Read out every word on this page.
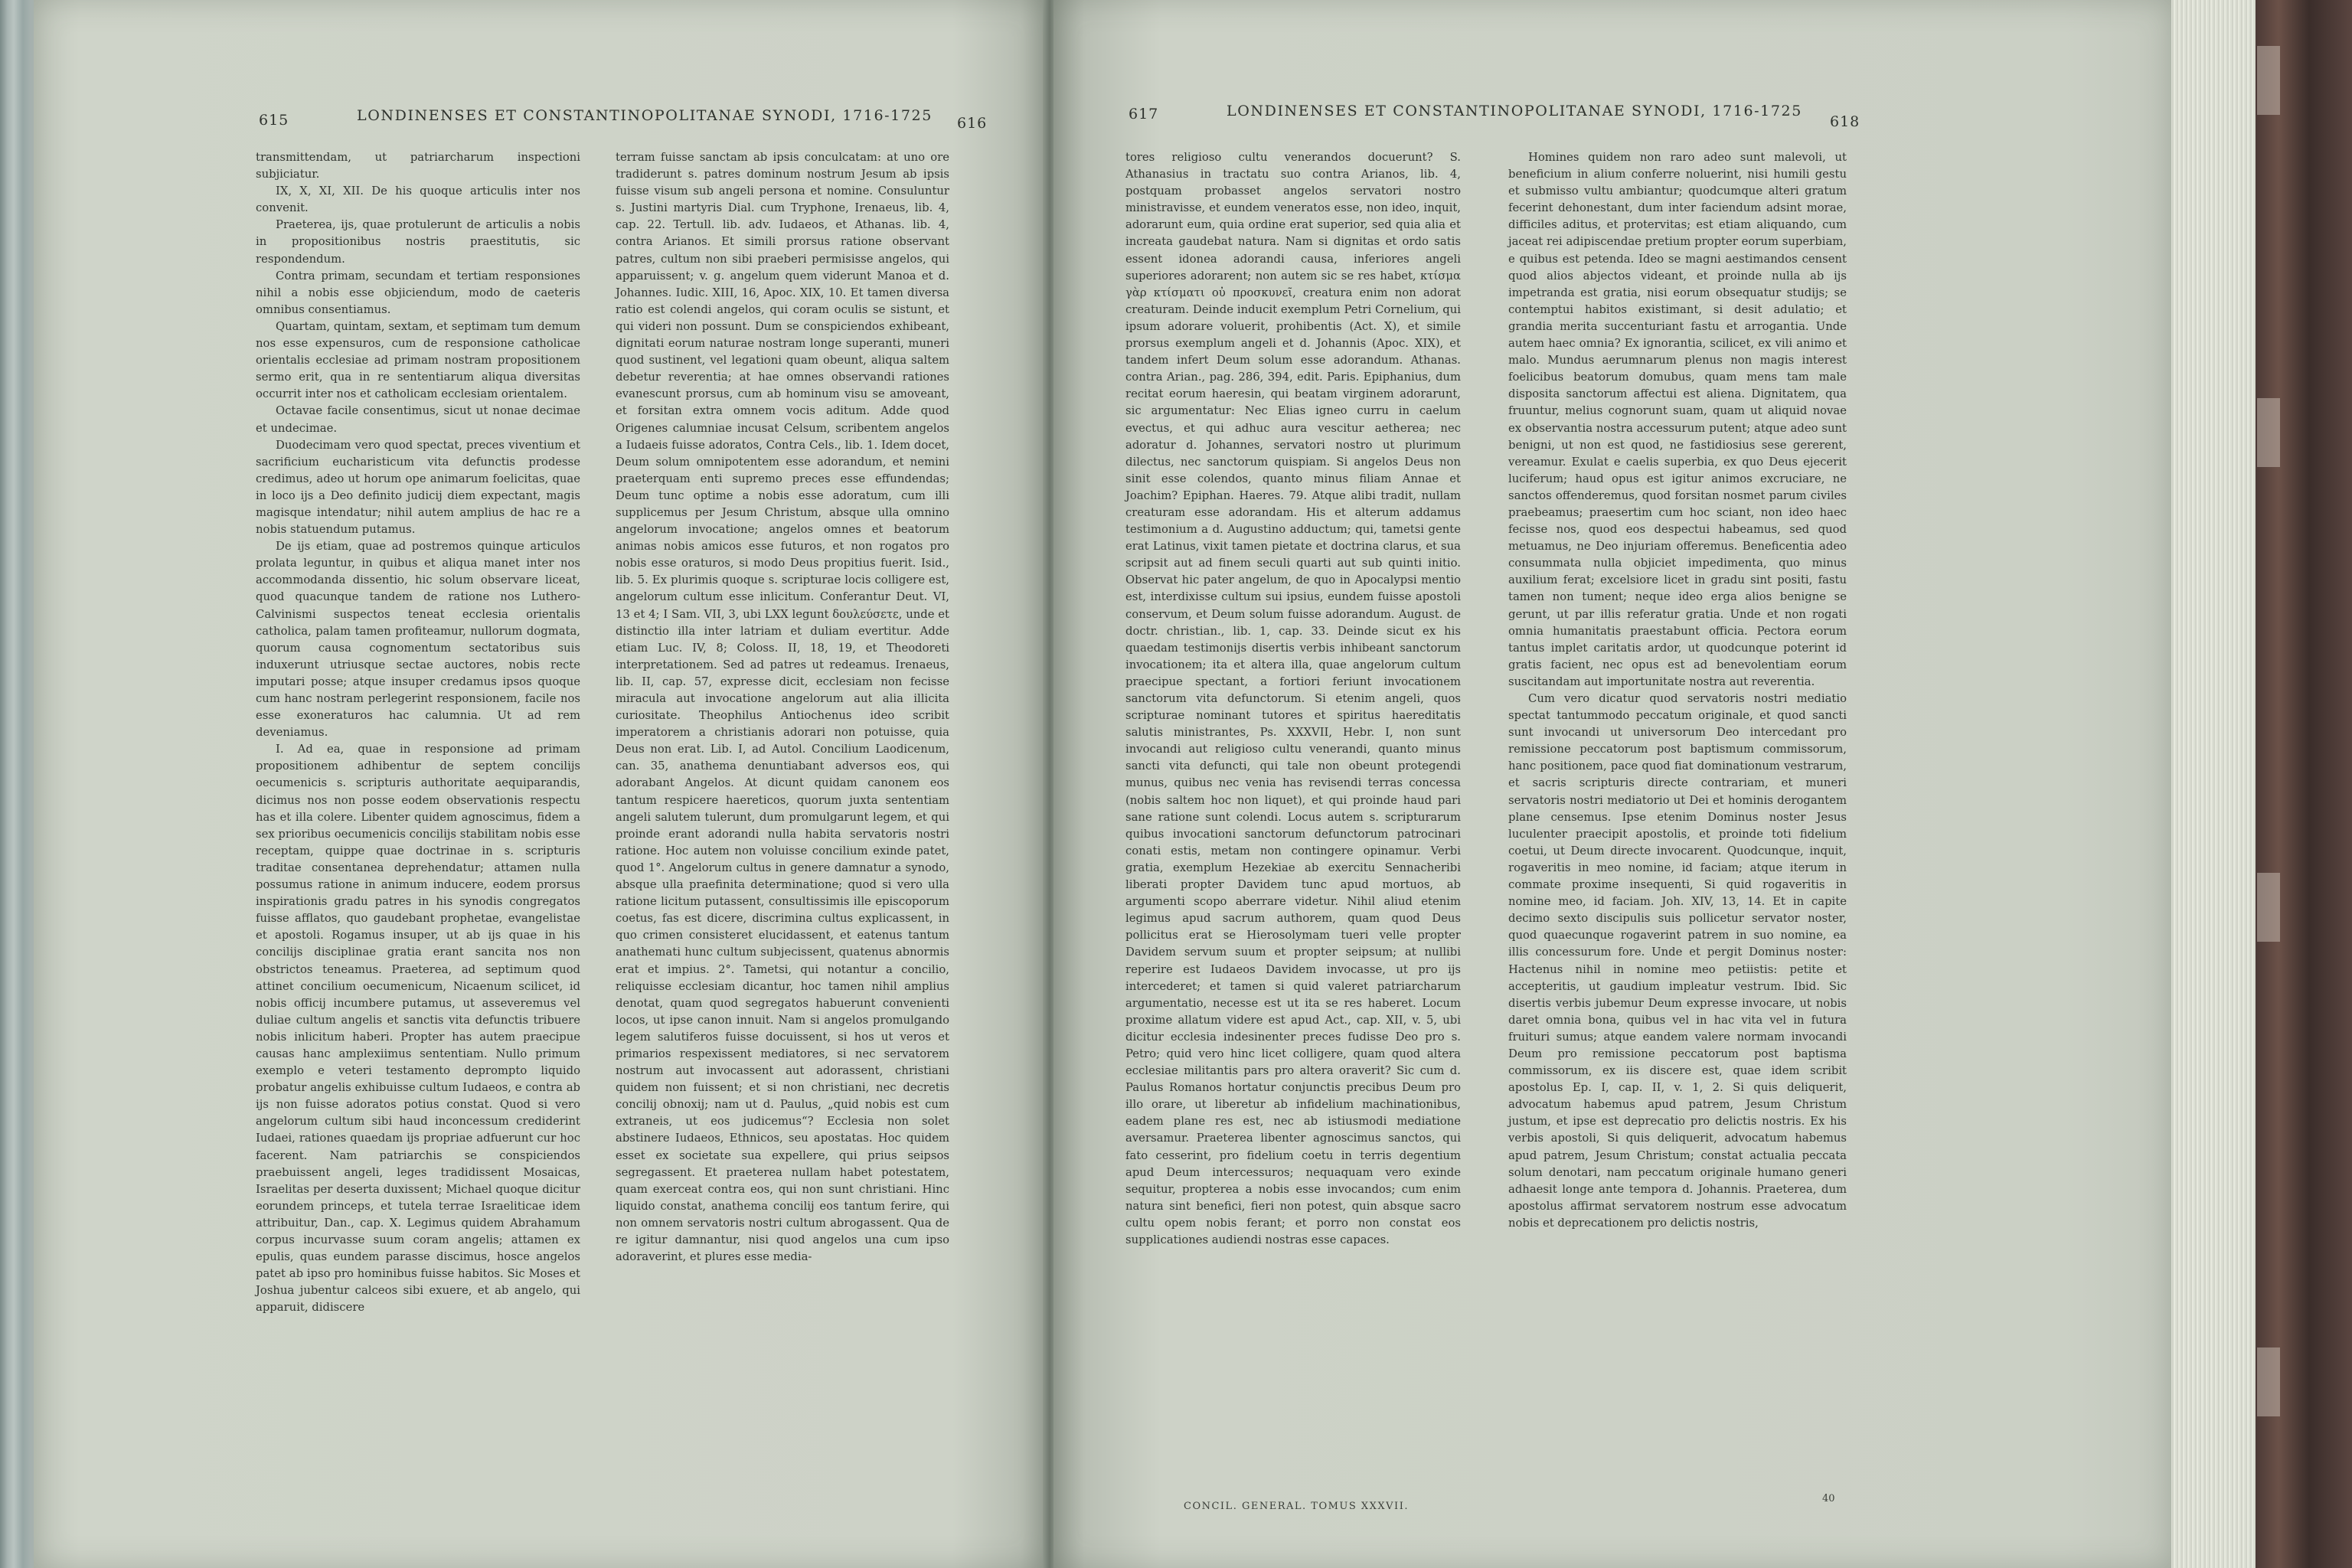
615	LONDINENSES ET CONSTANTINOPOLITANAE SYNODI, 1716-1725 616

transmittendam, ut patriarcharum inspectioni subjiciatur.

IX, X, XI, XII. De his quoque articulis inter nos convenit.

Praeterea, ijs, quae protulerunt de articulis a nobis in propositionibus nostris praestitutis, sic respondendum.

Contra primam, secundam et tertiam responsiones nihil a nobis esse objiciendum, modo de caeteris omnibus consentiamus.

Quartam, quintam, sextam, et septimam tum demum nos esse expensuros, cum de responsione catholicae orientalis ecclesiae ad primam nostram propositionem sermo erit, qua in re sententiarum aliqua diversitas occurrit inter nos et catholicam ecclesiam orientalem.

Octavae facile consentimus, sicut ut nonae decimae et undecimae.

Duodecimam vero quod spectat, preces viventium et sacrificium eucharisticum vita defunctis prodesse credimus, adeo ut horum ope animarum foelicitas, quae in loco ijs a Deo definito judicij diem expectant, magis magisque intendatur; nihil autem amplius de hac re a nobis statuendum putamus.

De ijs etiam, quae ad postremos quinque articulos prolata leguntur, in quibus et aliqua manet inter nos accommodanda dissentio, hic solum observare liceat, quod quacunque tandem de ratione nos Luthero-Calvinismi suspectos teneat ecclesia orientalis catholica, palam tamen profiteamur, nullorum dogmata, quorum causa cognomentum sectatoribus suis induxerunt utriusque sectae auctores, nobis recte imputari posse; atque insuper credamus ipsos quoque cum hanc nostram perlegerint responsionem, facile nos esse exoneraturos hac calumnia. Ut ad rem deveniamus.

I. Ad ea, quae in responsione ad primam propositionem adhibentur de septem concilijs oecumenicis s. scripturis authoritate aequiparandis, dicimus nos non posse eodem observationis respectu has et illa colere. Libenter quidem agnoscimus, fidem a sex prioribus oecumenicis concilijs stabilitam nobis esse receptam, quippe quae doctrinae in s. scripturis traditae consentanea deprehendatur; attamen nulla possumus ratione in animum inducere, eodem prorsus inspirationis gradu patres in his synodis congregatos fuisse afflatos, quo gaudebant prophetae, evangelistae et apostoli. Rogamus insuper, ut ab ijs quae in his concilijs disciplinae gratia erant sancita nos non obstrictos teneamus. Praeterea, ad septimum quod attinet concilium oecumenicum, Nicaenum scilicet, id nobis officij incumbere putamus, ut asseveremus vel duliae cultum angelis et sanctis vita defunctis tribuere nobis inlicitum haberi. Propter has autem praecipue causas hanc amplexiimus sententiam. Nullo primum exemplo e veteri testamento deprompto liquido probatur angelis exhibuisse cultum Iudaeos, e contra ab ijs non fuisse adoratos potius constat. Quod si vero angelorum cultum sibi haud inconcessum crediderint Iudaei, rationes quaedam ijs propriae adfuerunt cur hoc facerent. Nam patriarchis se conspiciendos praebuissent angeli, leges tradidissent Mosaicas, Israelitas per deserta duxissent; Michael quoque dicitur eorundem princeps, et tutela terrae Israeliticae idem attribuitur, Dan., cap. X. Legimus quidem Abrahamum corpus incurvasse suum coram angelis; attamen ex epulis, quas eundem parasse discimus, hosce angelos patet ab ipso pro hominibus fuisse habitos. Sic Moses et Joshua jubentur calceos sibi exuere, et ab angelo, qui apparuit, didiscere

terram fuisse sanctam ab ipsis conculcatam: at uno ore tradiderunt s. patres dominum nostrum Jesum ab ipsis fuisse visum sub angeli persona et nomine. Consuluntur s. Justini martyris Dial. cum Tryphone, Irenaeus, lib. 4, cap. 22. Tertull. lib. adv. Iudaeos, et Athanas. lib. 4, contra Arianos. Et simili prorsus ratione observant patres, cultum non sibi praeberi permisisse angelos, qui apparuissent; v. g. angelum quem viderunt Manoa et d. Johannes. Iudic. XIII, 16, Apoc. XIX, 10. Et tamen diversa ratio est colendi angelos, qui coram oculis se sistunt, et qui videri non possunt. Dum se conspiciendos exhibeant, dignitati eorum naturae nostram longe superanti, muneri quod sustinent, vel legationi quam obeunt, aliqua saltem debetur reverentia; at hae omnes observandi rationes evanescunt prorsus, cum ab hominum visu se amoveant, et forsitan extra omnem vocis aditum. Adde quod Origenes calumniae incusat Celsum, scribentem angelos a Iudaeis fuisse adoratos, Contra Cels., lib. 1. Idem docet, Deum solum omnipotentem esse adorandum, et nemini praeterquam enti supremo preces esse effundendas; Deum tunc optime a nobis esse adoratum, cum illi supplicemus per Jesum Christum, absque ulla omnino angelorum invocatione; angelos omnes et beatorum animas nobis amicos esse futuros, et non rogatos pro nobis esse oraturos, si modo Deus propitius fuerit. Isid., lib. 5. Ex plurimis quoque s. scripturae locis colligere est, angelorum cultum esse inlicitum. Conferantur Deut. VI, 13 et 4; I Sam. VII, 3, ubi LXX legunt δουλεύσετε, unde et distinctio illa inter latriam et duliam evertitur. Adde etiam Luc. IV, 8; Coloss. II, 18, 19, et Theodoreti interpretationem. Sed ad patres ut redeamus. Irenaeus, lib. II, cap. 57, expresse dicit, ecclesiam non fecisse miracula aut invocatione angelorum aut alia illicita curiositate. Theophilus Antiochenus ideo scribit imperatorem a christianis adorari non potuisse, quia Deus non erat. Lib. I, ad Autol. Concilium Laodicenum, can. 35, anathema denuntiabant adversos eos, qui adorabant Angelos. At dicunt quidam canonem eos tantum respicere haereticos, quorum juxta sententiam angeli salutem tulerunt, dum promulgarunt legem, et qui proinde erant adorandi nulla habita servatoris nostri ratione. Hoc autem non voluisse concilium exinde patet, quod 1°. Angelorum cultus in genere damnatur a synodo, absque ulla praefinita determinatione; quod si vero ulla ratione licitum putassent, consultissimis ille episcoporum coetus, fas est dicere, discrimina cultus explicassent, in quo crimen consisteret elucidassent, et eatenus tantum anathemati hunc cultum subjecissent, quatenus abnormis erat et impius. 2°. Tametsi, qui notantur a concilio, reliquisse ecclesiam dicantur, hoc tamen nihil amplius denotat, quam quod segregatos habuerunt convenienti locos, ut ipse canon innuit. Nam si angelos promulgando legem salutiferos fuisse docuissent, si hos ut veros et primarios respexissent mediatores, si nec servatorem nostrum aut invocassent aut adorassent, christiani quidem non fuissent; et si non christiani, nec decretis concilij obnoxij; nam ut d. Paulus, „quid nobis est cum extraneis, ut eos judicemus“? Ecclesia non solet abstinere Iudaeos, Ethnicos, seu apostatas. Hoc quidem esset ex societate sua expellere, qui prius seipsos segregassent. Et praeterea nullam habet potestatem, quam exerceat contra eos, qui non sunt christiani. Hinc liquido constat, anathema concilij eos tantum ferire, qui non omnem servatoris nostri cultum abrogassent. Qua de re igitur damnantur, nisi quod angelos una cum ipso adoraverint, et plures esse media-

617	LONDINENSES ET CONSTANTINOPOLITANAE SYNODI, 1716-1725
618

tores religioso cultu venerandos docuerunt? S. Athanasius in tractatu suo contra Arianos, lib. 4, postquam probasset angelos servatori nostro ministravisse, et eundem veneratos esse, non ideo, inquit, adorarunt eum, quia ordine erat superior, sed quia alia et increata gaudebat natura. Nam si dignitas et ordo satis essent idonea adorandi causa, inferiores angeli superiores adorarent; non autem sic se res habet, κτίσμα γὰρ κτίσματι οὐ προσκυνεῖ, creatura enim non adorat creaturam. Deinde inducit exemplum Petri Cornelium, qui ipsum adorare voluerit, prohibentis (Act. X), et simile prorsus exemplum angeli et d. Johannis (Apoc. XIX), et tandem infert Deum solum esse adorandum. Athanas. contra Arian., pag. 286, 394, edit. Paris. Epiphanius, dum recitat eorum haeresin, qui beatam virginem adorarunt, sic argumentatur: Nec Elias igneo curru in caelum evectus, et qui adhuc aura vescitur aetherea; nec adoratur d. Johannes, servatori nostro ut plurimum dilectus, nec sanctorum quispiam. Si angelos Deus non sinit esse colendos, quanto minus filiam Annae et Joachim? Epiphan. Haeres. 79. Atque alibi tradit, nullam creaturam esse adorandam. His et alterum addamus testimonium a d. Augustino adductum; qui, tametsi gente erat Latinus, vixit tamen pietate et doctrina clarus, et sua scripsit aut ad finem seculi quarti aut sub quinti initio. Observat hic pater angelum, de quo in Apocalypsi mentio est, interdixisse cultum sui ipsius, eundem fuisse apostoli conservum, et Deum solum fuisse adorandum. August. de doctr. christian., lib. 1, cap. 33. Deinde sicut ex his quaedam testimonijs disertis verbis inhibeant sanctorum invocationem; ita et altera illa, quae angelorum cultum praecipue spectant, a fortiori feriunt invocationem sanctorum vita defunctorum. Si etenim angeli, quos scripturae nominant tutores et spiritus haereditatis salutis ministrantes, Ps. XXXVII, Hebr. I, non sunt invocandi aut religioso cultu venerandi, quanto minus sancti vita defuncti, qui tale non obeunt protegendi munus, quibus nec venia has revisendi terras concessa (nobis saltem hoc non liquet), et qui proinde haud pari sane ratione sunt colendi. Locus autem s. scripturarum quibus invocationi sanctorum defunctorum patrocinari conati estis, metam non contingere opinamur. Verbi gratia, exemplum Hezekiae ab exercitu Sennacheribi liberati propter Davidem tunc apud mortuos, ab argumenti scopo aberrare videtur. Nihil aliud etenim legimus apud sacrum authorem, quam quod Deus pollicitus erat se Hierosolymam tueri velle propter Davidem servum suum et propter seipsum; at nullibi reperire est Iudaeos Davidem invocasse, ut pro ijs intercederet; et tamen si quid valeret patriarcharum argumentatio, necesse est ut ita se res haberet. Locum proxime allatum videre est apud Act., cap. XII, v. 5, ubi dicitur ecclesia indesinenter preces fudisse Deo pro s. Petro; quid vero hinc licet colligere, quam quod altera ecclesiae militantis pars pro altera oraverit? Sic cum d. Paulus Romanos hortatur conjunctis precibus Deum pro illo orare, ut liberetur ab infidelium machinationibus, eadem plane res est, nec ab istiusmodi mediatione aversamur. Praeterea libenter agnoscimus sanctos, qui fato cesserint, pro fidelium coetu in terris degentium apud Deum intercessuros; nequaquam vero exinde sequitur, propterea a nobis esse invocandos; cum enim natura sint benefici, fieri non potest, quin absque sacro cultu opem nobis ferant; et porro non constat eos supplicationes audiendi nostras esse capaces.

Homines quidem non raro adeo sunt malevoli, ut beneficium in alium conferre noluerint, nisi humili gestu et submisso vultu ambiantur; quodcumque alteri gratum fecerint dehonestant, dum inter faciendum adsint morae, difficiles aditus, et protervitas; est etiam aliquando, cum jaceat rei adipiscendae pretium propter eorum superbiam, e quibus est petenda. Ideo se magni aestimandos censent quod alios abjectos videant, et proinde nulla ab ijs impetranda est gratia, nisi eorum obsequatur studijs; se contemptui habitos existimant, si desit adulatio; et grandia merita succenturiant fastu et arrogantia. Unde autem haec omnia? Ex ignorantia, scilicet, ex vili animo et malo. Mundus aerumnarum plenus non magis interest foelicibus beatorum domubus, quam mens tam male disposita sanctorum affectui est aliena. Dignitatem, qua fruuntur, melius cognorunt suam, quam ut aliquid novae ex observantia nostra accessurum putent; atque adeo sunt benigni, ut non est quod, ne fastidiosius sese gererent, vereamur. Exulat e caelis superbia, ex quo Deus ejecerit luciferum; haud opus est igitur animos excruciare, ne sanctos offenderemus, quod forsitan nosmet parum civiles praebeamus; praesertim cum hoc sciant, non ideo haec fecisse nos, quod eos despectui habeamus, sed quod metuamus, ne Deo injuriam offeremus. Beneficentia adeo consummata nulla objiciet impedimenta, quo minus auxilium ferat; excelsiore licet in gradu sint positi, fastu tamen non tument; neque ideo erga alios benigne se gerunt, ut par illis referatur gratia. Unde et non rogati omnia humanitatis praestabunt officia. Pectora eorum tantus implet caritatis ardor, ut quodcunque poterint id gratis facient, nec opus est ad benevolentiam eorum suscitandam aut importunitate nostra aut reverentia.

Cum vero dicatur quod servatoris nostri mediatio spectat tantummodo peccatum originale, et quod sancti sunt invocandi ut universorum Deo intercedant pro remissione peccatorum post baptismum commissorum, hanc positionem, pace quod fiat dominationum vestrarum, et sacris scripturis directe contrariam, et muneri servatoris nostri mediatorio ut Dei et hominis derogantem plane censemus. Ipse etenim Dominus noster Jesus luculenter praecipit apostolis, et proinde toti fidelium coetui, ut Deum directe invocarent. Quodcunque, inquit, rogaveritis in meo nomine, id faciam; atque iterum in commate proxime insequenti, Si quid rogaveritis in nomine meo, id faciam. Joh. XIV, 13, 14. Et in capite decimo sexto discipulis suis pollicetur servator noster, quod quaecunque rogaverint patrem in suo nomine, ea illis concessurum fore. Unde et pergit Dominus noster: Hactenus nihil in nomine meo petiistis: petite et accepteritis, ut gaudium impleatur vestrum. Ibid. Sic disertis verbis jubemur Deum expresse invocare, ut nobis daret omnia bona, quibus vel in hac vita vel in futura fruituri sumus; atque eandem valere normam invocandi Deum pro remissione peccatorum post baptisma commissorum, ex iis discere est, quae idem scribit apostolus Ep. I, cap. II, v. 1, 2. Si quis deliquerit, advocatum habemus apud patrem, Jesum Christum justum, et ipse est deprecatio pro delictis nostris. Ex his verbis apostoli, Si quis deliquerit, advocatum habemus apud patrem, Jesum Christum; constat actualia peccata solum denotari, nam peccatum originale humano generi adhaesit longe ante tempora d. Johannis. Praeterea, dum apostolus affirmat servatorem nostrum esse advocatum nobis et deprecationem pro delictis nostris,

CONCIL. GENERAL. TOMUS XXXVII.
40
